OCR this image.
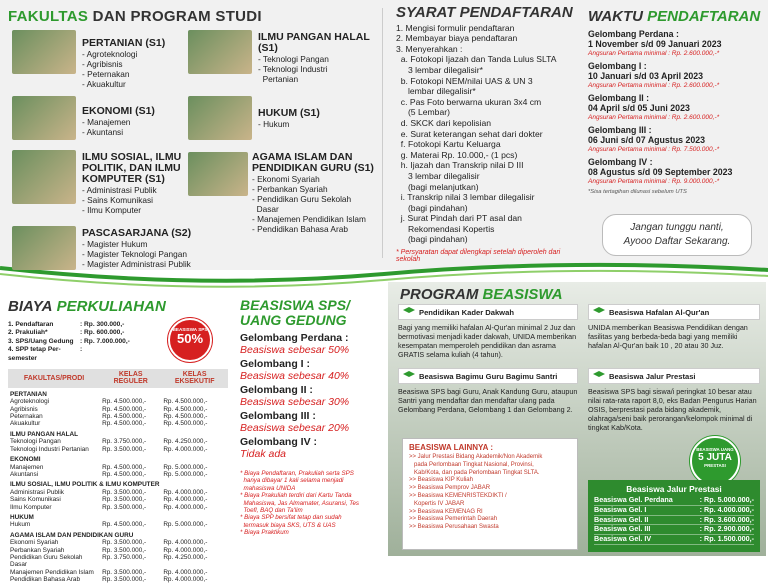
FAKULTAS DAN PROGRAM STUDI
PERTANIAN (S1)
- Agroteknologi
- Agribisnis
- Peternakan
- Akuakultur
ILMU PANGAN HALAL (S1)
- Teknologi Pangan
- Teknologi Industri
Pertanian
EKONOMI (S1)
- Manajemen
- Akuntansi
HUKUM (S1)
- Hukum
ILMU SOSIAL, ILMU POLITIK, DAN ILMU KOMPUTER (S1)
- Administrasi Publik
- Sains Komunikasi
- Ilmu Komputer
AGAMA ISLAM DAN PENDIDIKAN GURU (S1)
- Ekonomi Syariah
- Perbankan Syariah
- Pendidikan Guru Sekolah
Dasar
- Manajemen Pendidikan Islam
- Pendidikan Bahasa Arab
PASCASARJANA (S2)
- Magister Hukum
- Magister Teknologi Pangan
- Magister Administrasi Publik
SYARAT PENDAFTARAN
1. Mengisi formulir pendaftaran
2. Membayar biaya pendaftaran
3. Menyerahkan :
a. Fotokopi Ijazah dan Tanda Lulus SLTA
3 lembar dilegalisir*
b. Fotokopi NEM/nilai UAS & UN 3
lembar dilegalisir*
c. Pas Foto berwarna ukuran 3x4 cm
(5 Lembar)
d. SKCK dari kepolisian
e. Surat keterangan sehat dari dokter
f. Fotokopi Kartu Keluarga
g. Materai Rp. 10.000,- (1 pcs)
h. Ijazah dan Transkrip nilai D III
3 lembar dilegalisir
(bagi melanjutkan)
i. Transkrip nilai 3 lembar dilegalisir
(bagi pindahan)
j. Surat Pindah dari PT asal dan
Rekomendasi Kopertis
(bagi pindahan)
* Persyaratan dapat dilengkapi setelah diperoleh dari sekolah
WAKTU PENDAFTARAN
Gelombang Perdana :
1 November s/d 09 Januari 2023
Angsuran Pertama minimal : Rp. 2.600.000,-*
Gelombang I :
10 Januari s/d 03 April 2023
Angsuran Pertama minimal : Rp. 2.600.000,-*
Gelombang II :
04 April s/d 05 Juni 2023
Angsuran Pertama minimal : Rp. 2.600.000,-*
Gelombang III :
06 Juni s/d 07 Agustus 2023
Angsuran Pertama minimal : Rp. 7.500.000,-*
Gelombang IV :
08 Agustus s/d 09 September 2023
Angsuran Pertama minimal : Rp. 9.000.000,-*
*Sisa tertagihan dilunasi sebelum UTS
Jangan tunggu nanti,
Ayooo Daftar Sekarang.
BIAYA PERKULIAHAN
1. Pendaftaran	: Rp. 300.000,-
2. Prakuliah*	: Rp. 600.000,-
3. SPS/Uang Gedung : Rp. 7.000.000,-
4. SPP tetap Per-semester
:
FAKULTAS/PRODI	KELAS REGULER	KELAS EKSEKUTIF
PERTANIAN		
Agroteknologi	Rp. 4.500.000,-	Rp. 4.500.000,-
Agribisnis	Rp. 4.500.000,-	Rp. 4.500.000,-
Peternakan	Rp. 4.500.000,-	Rp. 4.500.000,-
Akuakultur	Rp. 4.500.000,-	Rp. 4.500.000,-
ILMU PANGAN HALAL		
Teknologi Pangan	Rp. 3.750.000,-	Rp. 4.250.000,-
Teknologi Industri Pertanian	Rp. 3.500.000,-	Rp. 4.000.000,-
EKONOMI		
Manajemen	Rp. 4.500.000,-	Rp. 5.000.000,-
Akuntansi	Rp. 4.500.000,-	Rp. 5.000.000,-
ILMU SOSIAL, ILMU POLITIK & ILMU KOMPUTER		
Administrasi Publik	Rp. 3.500.000,-	Rp. 4.000.000,-
Sains Komunikasi	Rp. 3.500.000,-	Rp. 4.000.000,-
Ilmu Komputer	Rp. 3.500.000,-	Rp. 4.000.000,-
HUKUM		
Hukum	Rp. 4.500.000,-	Rp. 5.000.000,-
AGAMA ISLAM DAN PENDIDIKAN GURU		
Ekonomi Syariah	Rp. 3.500.000,-	Rp. 4.000.000,-
Perbankan Syariah	Rp. 3.500.000,-	Rp. 4.000.000,-
Pendidikan Guru Sekolah Dasar	Rp. 3.750.000,-	Rp. 4.250.000,-
Manajemen Pendidikan Islam	Rp. 3.500.000,-	Rp. 4.000.000,-
Pendidikan Bahasa Arab	Rp. 3.500.000,-	Rp. 4.000.000,-
BEASISWA SPS
50%
BEASISWA SPS/
UANG GEDUNG
Gelombang Perdana :
Beasiswa sebesar 50%
Gelombang I :
Beasiswa sebesar 40%
Gelombang II :
Beasiswa sebesar 30%
Gelombang III :
Beasiswa sebesar 20%
Gelombang IV :
Tidak ada
* Biaya Pendaftaran, Prakuliah serta SPS
hanya dibayar 1 kali selama menjadi
mahasiswa UNIDA
* Biaya Prakuliah terdiri dari Kartu Tanda
Mahasiswa, Jas Almamater, Asuransi, Tes
Toefl, BAQ dan Ta'lim
* Biaya SPP bersifat tetap dan sudah
termasuk biaya SKS, UTS & UAS
* Biaya Praktikum
PROGRAM BEASISWA
Pendidikan Kader Dakwah
Bagi yang memiliki hafalan Al-Qur'an minimal 2 Juz dan bermotivasi menjadi kader dakwah, UNIDA memberikan kesempatan memperoleh pendidikan dan asrama GRATIS selama kuliah (4 tahun).
Beasiswa Hafalan Al-Qur'an
UNIDA memberikan Beasiswa Pendidikan dengan fasilitas yang berbeda-beda bagi yang memiliki hafalan Al-Qur'an baik 10 , 20 atau 30 Juz.
Beasiswa Bagimu Guru Bagimu Santri
Beasiswa SPS bagi Guru, Anak Kandung Guru, ataupun Santri yang mendaftar dan mendaftar ulang pada Gelombang Perdana, Gelombang 1 dan Gelombang 2.
Beasiswa Jalur Prestasi
Beasiswa SPS bagi siswa/i peringkat 10 besar atau nilai rata-rata raport 8,0, eks Badan Pengurus Harian OSIS, berprestasi pada bidang akademik, olahraga/seni baik perorangan/kelompok minimal di tingkat Kab/Kota.
BEASISWA LAINNYA :
>> Jalur Prestasi Bidang Akademik/Non Akademik
pada Perlombaan Tingkat Nasional, Provinsi,
Kab/Kota, dan pada Perlombaan Tingkat SLTA.
>> Beasiswa KIP Kuliah
>> Beasiswa Pemprov JABAR
>> Beasiswa KEMENRISTEKDIKTI /
Kopertis IV JABAR
>> Beasiswa KEMENAG RI
>> Beasiswa Pemerintah Daerah
>> Beasiswa Perusahaan Swasta
BEASISWA UANG
5 JUTA
PRESTASI
Beasiswa Jalur Prestasi
Beasiswa Gel. Perdana	: Rp. 5.000.000,-
Beasiswa Gel. I	: Rp. 4.000.000,-
Beasiswa Gel. II	: Rp. 3.600.000,-
Beasiswa Gel. III	: Rp. 2.900.000,-
Beasiswa Gel. IV	: Rp. 1.500.000,-
